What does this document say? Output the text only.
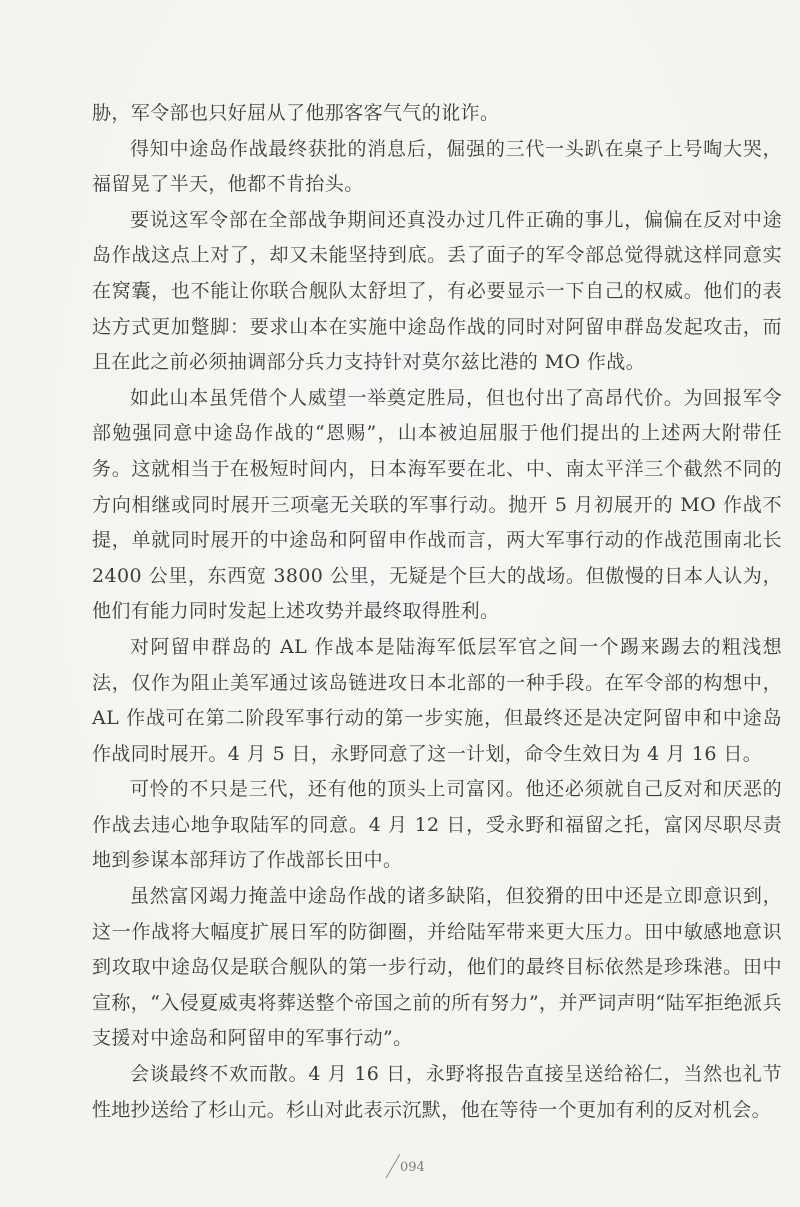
胁，军令部也只好屈从了他那客客气气的讹诈。

得知中途岛作战最终获批的消息后，倔强的三代一头趴在桌子上号啕大哭，福留晃了半天，他都不肯抬头。

要说这军令部在全部战争期间还真没办过几件正确的事儿，偏偏在反对中途岛作战这点上对了，却又未能坚持到底。丢了面子的军令部总觉得就这样同意实在窝囊，也不能让你联合舰队太舒坦了，有必要显示一下自己的权威。他们的表达方式更加蹩脚：要求山本在实施中途岛作战的同时对阿留申群岛发起攻击，而且在此之前必须抽调部分兵力支持针对莫尔兹比港的 MO 作战。

如此山本虽凭借个人威望一举奠定胜局，但也付出了高昂代价。为回报军令部勉强同意中途岛作战的“恩赐”，山本被迫屈服于他们提出的上述两大附带任务。这就相当于在极短时间内，日本海军要在北、中、南太平洋三个截然不同的方向相继或同时展开三项毫无关联的军事行动。抛开 5 月初展开的 MO 作战不提，单就同时展开的中途岛和阿留申作战而言，两大军事行动的作战范围南北长 2400 公里，东西宽 3800 公里，无疑是个巨大的战场。但傲慢的日本人认为，他们有能力同时发起上述攻势并最终取得胜利。

对阿留申群岛的 AL 作战本是陆海军低层军官之间一个踢来踢去的粗浅想法，仅作为阻止美军通过该岛链进攻日本北部的一种手段。在军令部的构想中，AL 作战可在第二阶段军事行动的第一步实施，但最终还是决定阿留申和中途岛作战同时展开。4 月 5 日，永野同意了这一计划，命令生效日为 4 月 16 日。

可怜的不只是三代，还有他的顶头上司富冈。他还必须就自己反对和厌恶的作战去违心地争取陆军的同意。4 月 12 日，受永野和福留之托，富冈尽职尽责地到参谋本部拜访了作战部长田中。

虽然富冈竭力掩盖中途岛作战的诸多缺陷，但狡猾的田中还是立即意识到，这一作战将大幅度扩展日军的防御圈，并给陆军带来更大压力。田中敏感地意识到攻取中途岛仅是联合舰队的第一步行动，他们的最终目标依然是珍珠港。田中宣称，“入侵夏威夷将葬送整个帝国之前的所有努力”，并严词声明“陆军拒绝派兵支援对中途岛和阿留申的军事行动”。

会谈最终不欢而散。4 月 16 日，永野将报告直接呈送给裕仁，当然也礼节性地抄送给了杉山元。杉山对此表示沉默，他在等待一个更加有利的反对机会。

094
